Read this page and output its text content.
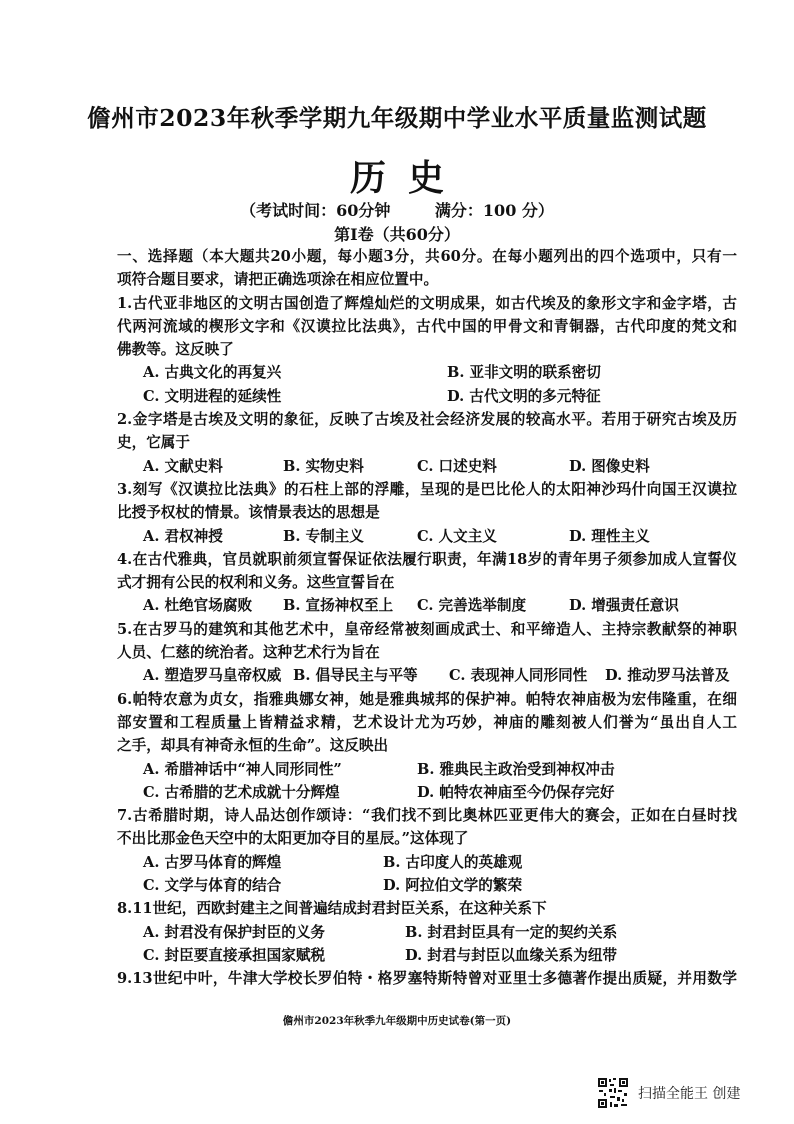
儋州市2023年秋季学期九年级期中学业水平质量监测试题
历史
（考试时间：60分钟        满分：100 分）
第Ⅰ卷（共60分）
一、选择题（本大题共20小题，每小题3分，共60分。在每小题列出的四个选项中，只有一
项符合题目要求，请把正确选项涂在相应位置中。
1.古代亚非地区的文明古国创造了辉煌灿烂的文明成果，如古代埃及的象形文字和金字塔，古
代两河流域的楔形文字和《汉谟拉比法典》，古代中国的甲骨文和青铜器，古代印度的梵文和
佛教等。这反映了
A. 古典文化的再复兴	B. 亚非文明的联系密切
C. 文明进程的延续性	D. 古代文明的多元特征
2.金字塔是古埃及文明的象征，反映了古埃及社会经济发展的较高水平。若用于研究古埃及历
史，它属于
A. 文献史料	B. 实物史料	C. 口述史料	D. 图像史料
3.刻写《汉谟拉比法典》的石柱上部的浮雕，呈现的是巴比伦人的太阳神沙玛什向国王汉谟拉
比授予权杖的情景。该情景表达的思想是
A. 君权神授	B. 专制主义	C. 人文主义	D. 理性主义
4.在古代雅典，官员就职前须宣誓保证依法履行职责，年满18岁的青年男子须参加成人宣誓仪
式才拥有公民的权利和义务。这些宣誓旨在
A. 杜绝官场腐败 B. 宣扬神权至上 C. 完善选举制度	D. 增强责任意识
5.在古罗马的建筑和其他艺术中，皇帝经常被刻画成武士、和平缔造人、主持宗教献祭的神职
人员、仁慈的统治者。这种艺术行为旨在
A. 塑造罗马皇帝权威 B. 倡导民主与平等 C. 表现神人同形同性 D. 推动罗马法普及
6.帕特农意为贞女，指雅典娜女神，她是雅典城邦的保护神。帕特农神庙极为宏伟隆重，在细
部安置和工程质量上皆精益求精，艺术设计尤为巧妙，神庙的雕刻被人们誉为“虽出自人工
之手，却具有神奇永恒的生命”。这反映出
A. 希腊神话中“神人同形同性”	B. 雅典民主政治受到神权冲击
C. 古希腊的艺术成就十分辉煌	D. 帕特农神庙至今仍保存完好
7.古希腊时期，诗人品达创作颂诗：“我们找不到比奥林匹亚更伟大的赛会，正如在白昼时找
不出比那金色天空中的太阳更加夺目的星辰。”这体现了
A. 古罗马体育的辉煌	B. 古印度人的英雄观
C. 文学与体育的结合	D. 阿拉伯文学的繁荣
8.11世纪，西欧封建主之间普遍结成封君封臣关系，在这种关系下
A. 封君没有保护封臣的义务	B. 封君封臣具有一定的契约关系
C. 封臣要直接承担国家赋税	D. 封君与封臣以血缘关系为纽带
9.13世纪中叶，牛津大学校长罗伯特・格罗塞特斯特曾对亚里士多德著作提出质疑，并用数学
儋州市2023年秋季九年级期中历史试卷(第一页)
扫描全能王 创建
